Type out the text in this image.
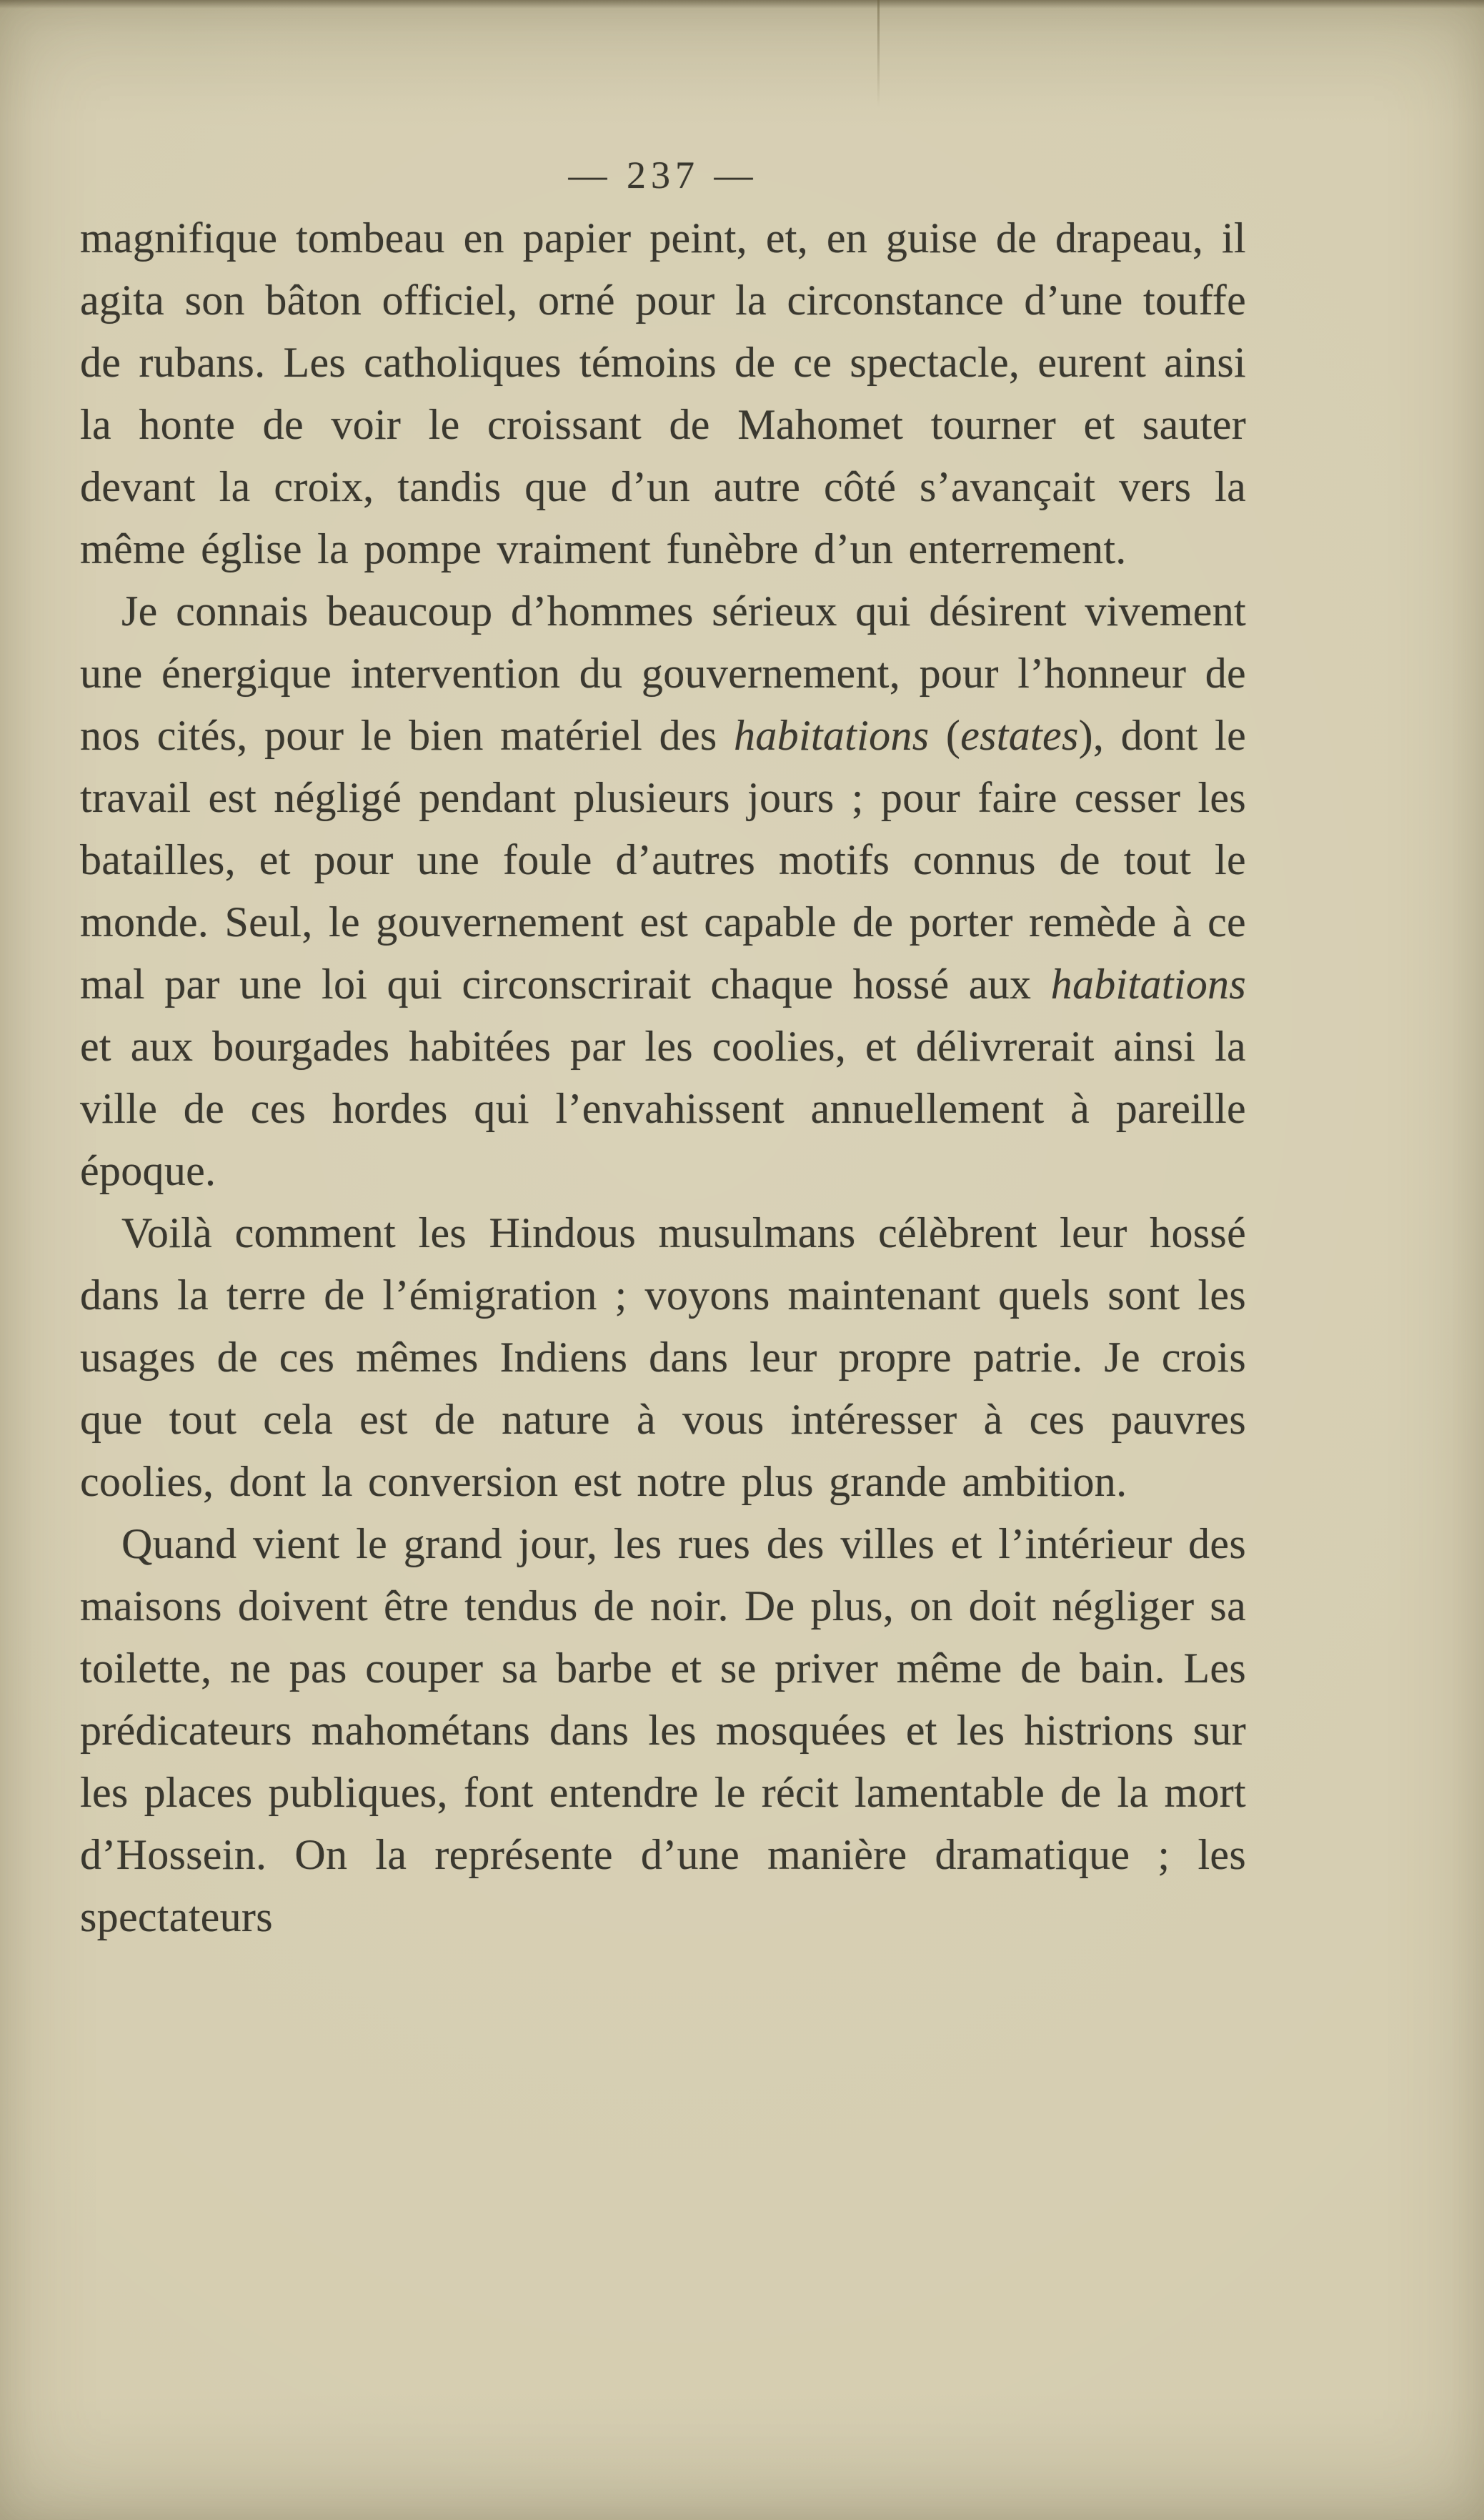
— 237 —

magnifique tombeau en papier peint, et, en guise de drapeau, il agita son bâton officiel, orné pour la circonstance d’une touffe de rubans. Les catholiques témoins de ce spectacle, eurent ainsi la honte de voir le croissant de Mahomet tourner et sauter devant la croix, tandis que d’un autre côté s’avançait vers la même église la pompe vraiment funèbre d’un enterrement.

Je connais beaucoup d’hommes sérieux qui désirent vivement une énergique intervention du gouvernement, pour l’honneur de nos cités, pour le bien matériel des habitations (estates), dont le travail est négligé pendant plusieurs jours ; pour faire cesser les batailles, et pour une foule d’autres motifs connus de tout le monde. Seul, le gouvernement est capable de porter remède à ce mal par une loi qui circonscrirait chaque hossé aux habitations et aux bourgades habitées par les coolies, et délivrerait ainsi la ville de ces hordes qui l’envahissent annuellement à pareille époque.

Voilà comment les Hindous musulmans célèbrent leur hossé dans la terre de l’émigration ; voyons maintenant quels sont les usages de ces mêmes Indiens dans leur propre patrie. Je crois que tout cela est de nature à vous intéresser à ces pauvres coolies, dont la conversion est notre plus grande ambition.

Quand vient le grand jour, les rues des villes et l’intérieur des maisons doivent être tendus de noir. De plus, on doit négliger sa toilette, ne pas couper sa barbe et se priver même de bain. Les prédicateurs mahométans dans les mosquées et les histrions sur les places publiques, font entendre le récit lamentable de la mort d’Hossein. On la représente d’une manière dramatique ; les spectateurs
